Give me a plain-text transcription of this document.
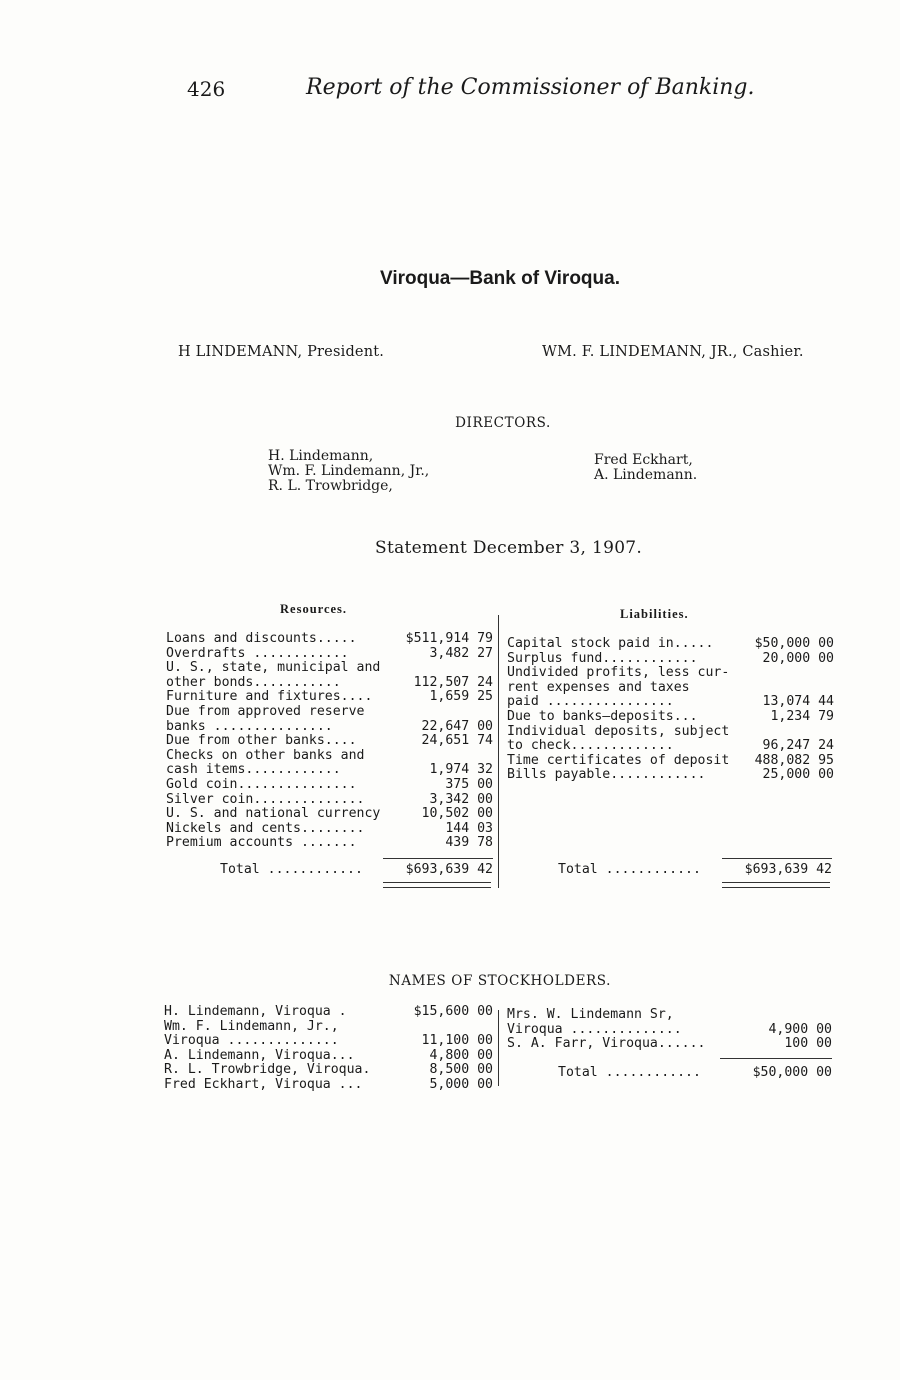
426	Report of the Commissioner of Banking.
Viroqua—Bank of Viroqua.
H LINDEMANN, President.	WM. F. LINDEMANN, JR., Cashier.
DIRECTORS.
H. Lindemann,
Wm. F. Lindemann, Jr.,
R. L. Trowbridge,
Fred Eckhart,
A. Lindemann.
Statement December 3, 1907.
Resources.	Liabilities.
Loans and discounts.....	$511,914 79
Overdrafts ............	3,482 27
U. S., state, municipal and
other bonds...........	112,507 24
Furniture and fixtures....	1,659 25
Due from approved reserve
banks ...............	22,647 00
Due from other banks....	24,651 74
Checks on other banks and
cash items............	1,974 32
Gold coin...............	375 00
Silver coin..............	3,342 00
U. S. and national currency	10,502 00
Nickels and cents........	144 03
Premium accounts .......	439 78
Capital stock paid in.....	$50,000 00
Surplus fund............	20,000 00
Undivided profits, less cur-
rent expenses and taxes
paid ................	13,074 44
Due to banks—deposits...	1,234 79
Individual deposits, subject
to check.............	96,247 24
Time certificates of deposit 488,082 95
Bills payable............	25,000 00
Total ............	$693,639 42	Total ............	$693,639 42
NAMES OF STOCKHOLDERS.
H. Lindemann, Viroqua .	$15,600 00
Wm. F. Lindemann, Jr.,
Viroqua ..............	11,100 00
A. Lindemann, Viroqua...	4,800 00
R. L. Trowbridge, Viroqua.	8,500 00
Fred Eckhart, Viroqua ...	5,000 00
Mrs. W. Lindemann Sr,
Viroqua ..............	4,900 00
S. A. Farr, Viroqua......	100 00
Total ............	$50,000 00
